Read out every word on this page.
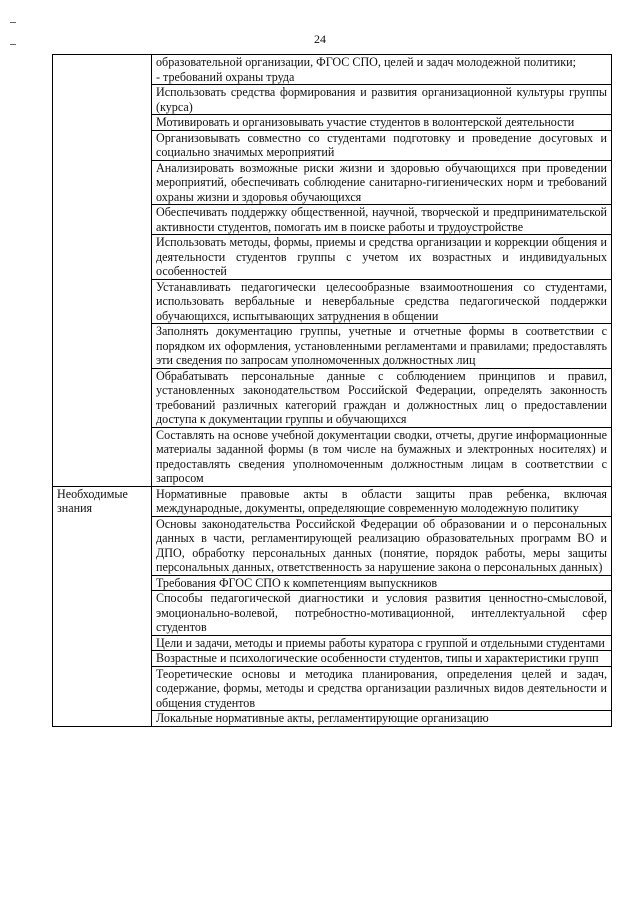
24

	образовательной организации, ФГОС СПО, целей и задач молодежной политики;
- требований охраны труда

	Использовать средства формирования и развития организационной культуры группы (курса)
	Мотивировать и организовывать участие студентов в волонтерской деятельности
	Организовывать совместно со студентами подготовку и проведение досуговых и социально значимых мероприятий
	Анализировать возможные риски жизни и здоровью обучающихся при проведении мероприятий, обеспечивать соблюдение санитарно-гигиенических норм и требований охраны жизни и здоровья обучающихся
	Обеспечивать поддержку общественной, научной, творческой и предпринимательской активности студентов, помогать им в поиске работы и трудоустройстве
	Использовать методы, формы, приемы и средства организации и коррекции общения и деятельности студентов группы с учетом их возрастных и индивидуальных особенностей
	Устанавливать педагогически целесообразные взаимоотношения со студентами, использовать вербальные и невербальные средства педагогической поддержки обучающихся, испытывающих затруднения в общении
	Заполнять документацию группы, учетные и отчетные формы в соответствии с порядком их оформления, установленными регламентами и правилами; предоставлять эти сведения по запросам уполномоченных должностных лиц
	Обрабатывать персональные данные с соблюдением принципов и правил, установленных законодательством Российской Федерации, определять законность требований различных категорий граждан и должностных лиц о предоставлении доступа к документации группы и обучающихся
	Составлять на основе учебной документации сводки, отчеты, другие информационные материалы заданной формы (в том числе на бумажных и электронных носителях) и предоставлять сведения уполномоченным должностным лицам в соответствии с запросом
Необходимые знания	Нормативные правовые акты в области защиты прав ребенка, включая международные, документы, определяющие современную молодежную политику
	Основы законодательства Российской Федерации об образовании и о персональных данных в части, регламентирующей реализацию образовательных программ ВО и ДПО, обработку персональных данных (понятие, порядок работы, меры защиты персональных данных, ответственность за нарушение закона о персональных данных)
	Требования ФГОС СПО к компетенциям выпускников
	Способы педагогической диагностики и условия развития ценностно-смысловой, эмоционально-волевой, потребностно-мотивационной, интеллектуальной сфер студентов
	Цели и задачи, методы и приемы работы куратора с группой и отдельными студентами
	Возрастные и психологические особенности студентов, типы и характеристики групп
	Теоретические основы и методика планирования, определения целей и задач, содержание, формы, методы и средства организации различных видов деятельности и общения студентов
	Локальные нормативные акты, регламентирующие организацию
